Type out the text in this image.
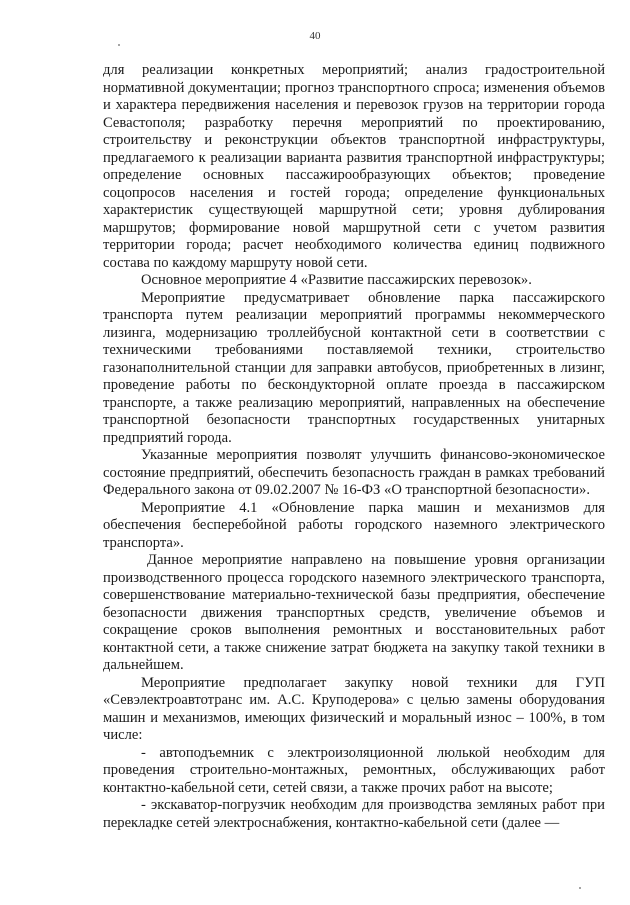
40

для реализации конкретных мероприятий; анализ градостроительной нормативной документации; прогноз транспортного спроса; изменения объемов и характера передвижения населения и перевозок грузов на территории города Севастополя; разработку перечня мероприятий по проектированию, строительству и реконструкции объектов транспортной инфраструктуры, предлагаемого к реализации варианта развития транспортной инфраструктуры; определение основных пассажирообразующих объектов; проведение соцопросов населения и гостей города; определение функциональных характеристик существующей маршрутной сети; уровня дублирования маршрутов; формирование новой маршрутной сети с учетом развития территории города; расчет необходимого количества единиц подвижного состава по каждому маршруту новой сети.

Основное мероприятие 4 «Развитие пассажирских перевозок».

Мероприятие предусматривает обновление парка пассажирского транспорта путем реализации мероприятий программы некоммерческого лизинга, модернизацию троллейбусной контактной сети в соответствии с техническими требованиями поставляемой техники, строительство газонаполнительной станции для заправки автобусов, приобретенных в лизинг, проведение работы по бескондукторной оплате проезда в пассажирском транспорте, а также реализацию мероприятий, направленных на обеспечение транспортной безопасности транспортных государственных унитарных предприятий города.

Указанные мероприятия позволят улучшить финансово-экономическое состояние предприятий, обеспечить безопасность граждан в рамках требований Федерального закона от 09.02.2007 № 16-ФЗ «О транспортной безопасности».

Мероприятие 4.1 «Обновление парка машин и механизмов для обеспечения бесперебойной работы городского наземного электрического транспорта».

Данное мероприятие направлено на повышение уровня организации производственного процесса городского наземного электрического транспорта, совершенствование материально-технической базы предприятия, обеспечение безопасности движения транспортных средств, увеличение объемов и сокращение сроков выполнения ремонтных и восстановительных работ контактной сети, а также снижение затрат бюджета на закупку такой техники в дальнейшем.

Мероприятие предполагает закупку новой техники для ГУП «Севэлектроавтотранс им. А.С. Круподерова» с целью замены оборудования машин и механизмов, имеющих физический и моральный износ – 100%, в том числе:

- автоподъемник с электроизоляционной люлькой необходим для проведения строительно-монтажных, ремонтных, обслуживающих работ контактно-кабельной сети, сетей связи, а также прочих работ на высоте;

- экскаватор-погрузчик необходим для производства земляных работ при перекладке сетей электроснабжения, контактно-кабельной сети (далее —
